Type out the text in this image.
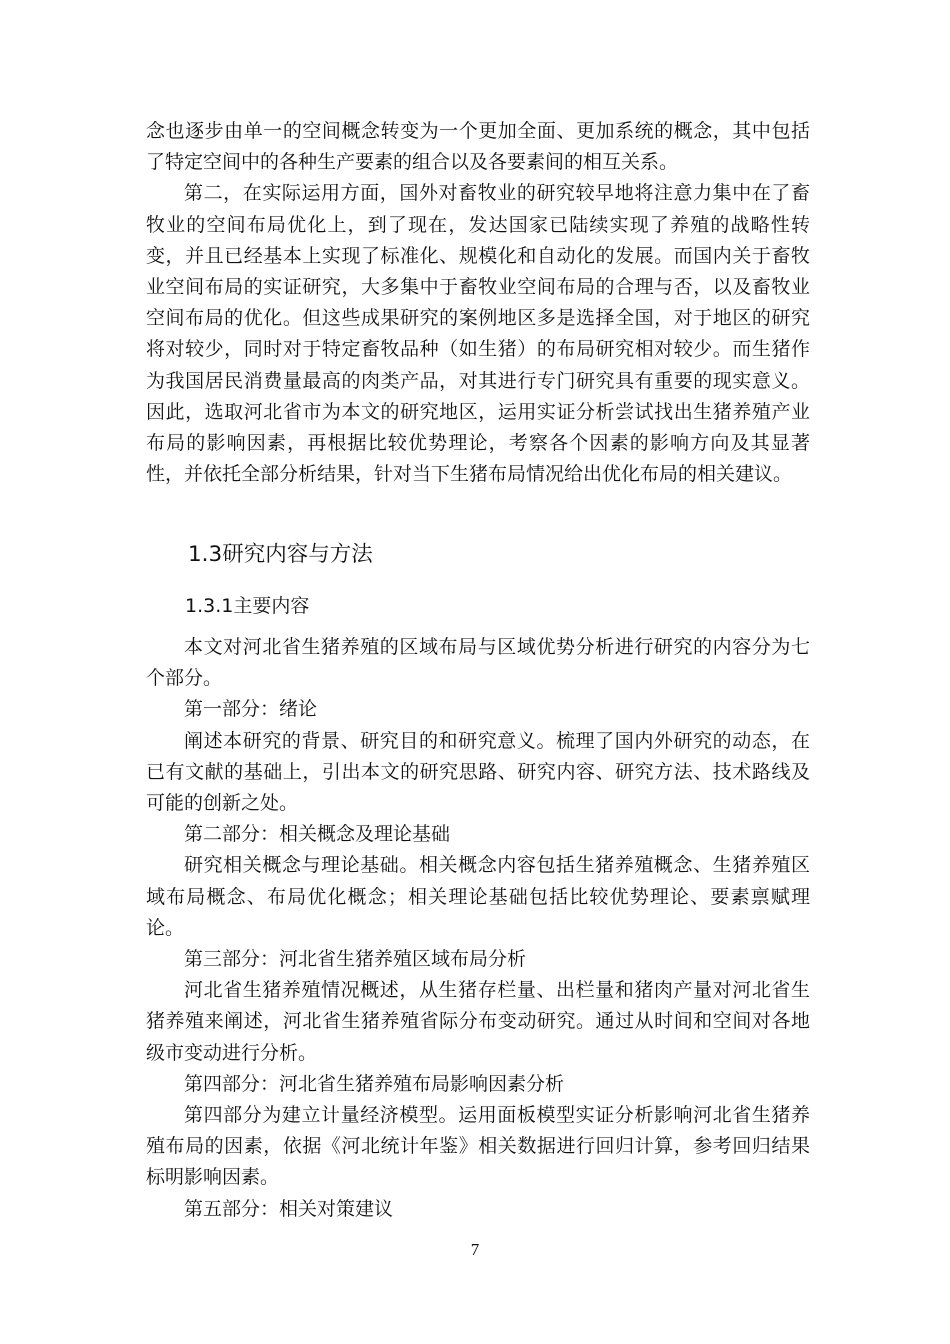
念也逐步由单一的空间概念转变为一个更加全面、更加系统的概念，其中包括了特定空间中的各种生产要素的组合以及各要素间的相互关系。

第二，在实际运用方面，国外对畜牧业的研究较早地将注意力集中在了畜牧业的空间布局优化上，到了现在，发达国家已陆续实现了养殖的战略性转变，并且已经基本上实现了标准化、规模化和自动化的发展。而国内关于畜牧业空间布局的实证研究，大多集中于畜牧业空间布局的合理与否，以及畜牧业空间布局的优化。但这些成果研究的案例地区多是选择全国，对于地区的研究将对较少，同时对于特定畜牧品种（如生猪）的布局研究相对较少。而生猪作为我国居民消费量最高的肉类产品，对其进行专门研究具有重要的现实意义。因此，选取河北省市为本文的研究地区，运用实证分析尝试找出生猪养殖产业布局的影响因素，再根据比较优势理论，考察各个因素的影响方向及其显著性，并依托全部分析结果，针对当下生猪布局情况给出优化布局的相关建议。

1.3研究内容与方法
1.3.1主要内容

本文对河北省生猪养殖的区域布局与区域优势分析进行研究的内容分为七个部分。

第一部分：绪论

阐述本研究的背景、研究目的和研究意义。梳理了国内外研究的动态，在已有文献的基础上，引出本文的研究思路、研究内容、研究方法、技术路线及可能的创新之处。

第二部分：相关概念及理论基础

研究相关概念与理论基础。相关概念内容包括生猪养殖概念、生猪养殖区域布局概念、布局优化概念；相关理论基础包括比较优势理论、要素禀赋理论。

第三部分：河北省生猪养殖区域布局分析

河北省生猪养殖情况概述，从生猪存栏量、出栏量和猪肉产量对河北省生猪养殖来阐述，河北省生猪养殖省际分布变动研究。通过从时间和空间对各地级市变动进行分析。

第四部分：河北省生猪养殖布局影响因素分析

第四部分为建立计量经济模型。运用面板模型实证分析影响河北省生猪养殖布局的因素，依据《河北统计年鉴》相关数据进行回归计算，参考回归结果标明影响因素。

第五部分：相关对策建议

7
